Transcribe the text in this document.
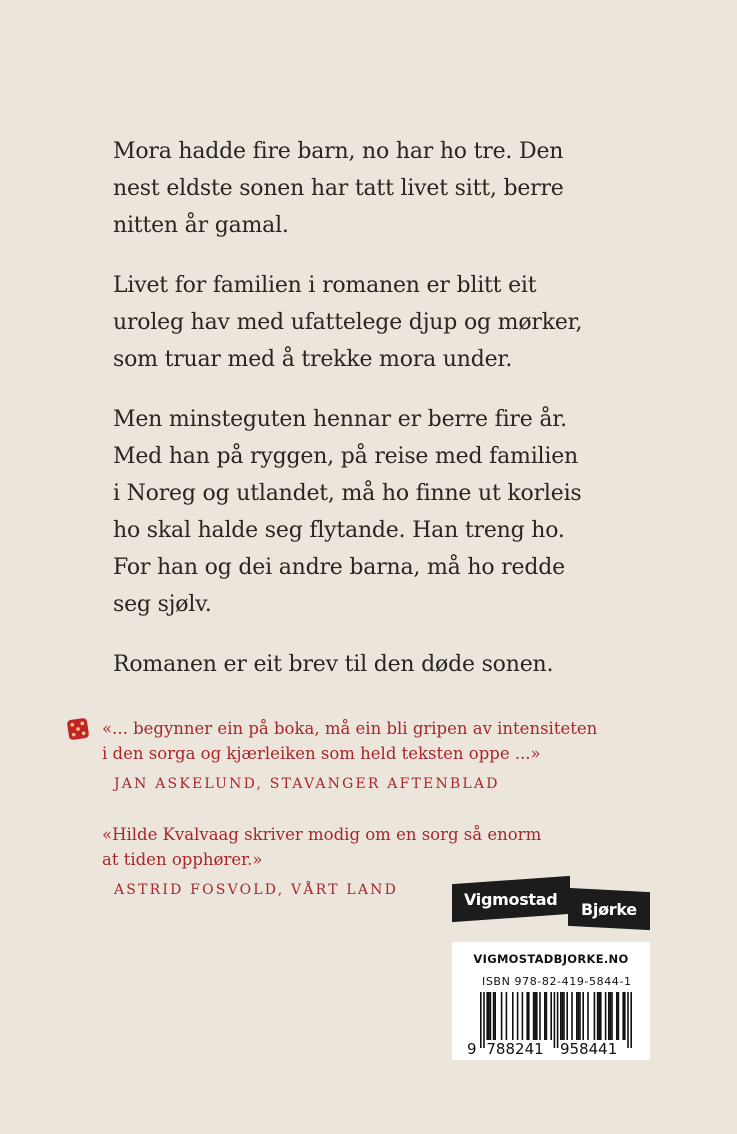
Mora hadde fire barn, no har ho tre. Den
nest eldste sonen har tatt livet sitt, berre
nitten år gamal.

Livet for familien i romanen er blitt eit
uroleg hav med ufattelege djup og mørker,
som truar med å trekke mora under.

Men minsteguten hennar er berre fire år.
Med han på ryggen, på reise med familien
i Noreg og utlandet, må ho finne ut korleis
ho skal halde seg flytande. Han treng ho.
For han og dei andre barna, må ho redde
seg sjølv.

Romanen er eit brev til den døde sonen.

«... begynner ein på boka, må ein bli gripen av intensiteten
i den sorga og kjærleiken som held teksten oppe ...»
JAN ASKELUND, STAVANGER AFTENBLAD
«Hilde Kvalvaag skriver modig om en sorg så enorm
at tiden opphører.»
ASTRID FOSVOLD, VÅRT LAND	Vigmostad
Bjørke
VIGMOSTADBJORKE.NO
ISBN 978-82-419-5844-1
9 788241 958441
